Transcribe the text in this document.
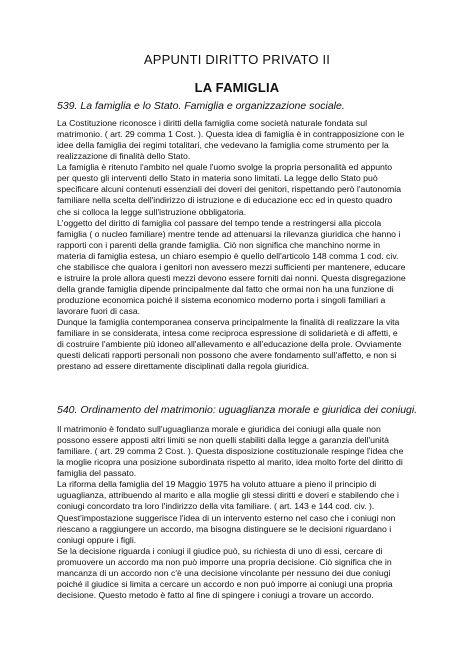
APPUNTI DIRITTO PRIVATO II
LA FAMIGLIA
539. La famiglia e lo Stato. Famiglia e organizzazione sociale.
La Costituzione riconosce i diritti della famiglia come società naturale fondata sul
matrimonio. ( art. 29 comma 1 Cost. ). Questa idea di famiglia è in contrapposizione con le
idee della famiglia dei regimi totalitari, che vedevano la famiglia come strumento per la
realizzazione di finalità dello Stato.
La famiglia è ritenuto l'ambito nel quale l'uomo svolge la propria personalità ed appunto
per questo gli interventi dello Stato in materia sono limitati. La legge dello Stato può
specificare alcuni contenuti essenziali dei doveri dei genitori, rispettando però l'autonomia
familiare nella scelta dell'indirizzo di istruzione e di educazione ecc ed in questo quadro
che si colloca la legge sull'istruzione obbligatoria.
L'oggetto del diritto di famiglia col passare del tempo tende a restringersi alla piccola
famiglia ( o nucleo familiare) mentre tende ad attenuarsi la rilevanza giuridica che hanno i
rapporti con i parenti della grande famiglia. Ciò non significa che manchino norme in
materia di famiglia estesa, un chiaro esempio è quello dell'articolo 148 comma 1 cod. civ.
che stabilisce che qualora i genitori non avessero mezzi sufficienti per mantenere, educare
e istruire la prole allora questi mezzi devono essere forniti dai nonni. Questa disgregazione
della grande famiglia dipende principalmente dal fatto che ormai non ha una funzione di
produzione economica poiché il sistema economico moderno porta i singoli familiari a
lavorare fuori di casa.
Dunque la famiglia contemporanea conserva principalmente la finalità di realizzare la vita
familiare in se considerata, intesa come reciproca espressione di solidarietà e di affetti, e
di costruire l'ambiente più idoneo all'allevamento e all'educazione della prole. Ovviamente
questi delicati rapporti personali non possono che avere fondamento sull'affetto, e non si
prestano ad essere direttamente disciplinati dalla regola giuridica.
540. Ordinamento del matrimonio: uguaglianza morale e giuridica dei coniugi.
Il matrimonio è fondato sull'uguaglianza morale e giuridica dei coniugi alla quale non
possono essere apposti altri limiti se non quelli stabiliti dalla legge a garanzia dell'unità
familiare. ( art. 29 comma 2 Cost. ). Questa disposizione costituzionale respinge l'idea che
la moglie ricopra una posizione subordinata rispetto al marito, idea molto forte del diritto di
famiglia del passato.
La riforma della famiglia del 19 Maggio 1975 ha voluto attuare a pieno il principio di
uguaglianza, attribuendo al marito e alla moglie gli stessi diritti e doveri e stabilendo che i
coniugi concordato tra loro l'indirizzo della vita familiare. ( art. 143 e 144 cod. civ. ).
Quest'impostazione suggerisce l'idea di un intervento esterno nel caso che i coniugi non
riescano a raggiungere un accordo, ma bisogna distinguere se le decisioni riguardano i
coniugi oppure i figli.
Se la decisione riguarda i coniugi il giudice può, su richiesta di uno di essi, cercare di
promuovere un accordo ma non può imporre una propria decisione. Ciò significa che in
mancanza di un accordo non c'è una decisione vincolante per nessuno dei due coniugi
poiché il giudice si limita a cercare un accordo e non può imporre ai coniugi una propria
decisione. Questo metodo è fatto al fine di spingere i coniugi a trovare un accordo.
